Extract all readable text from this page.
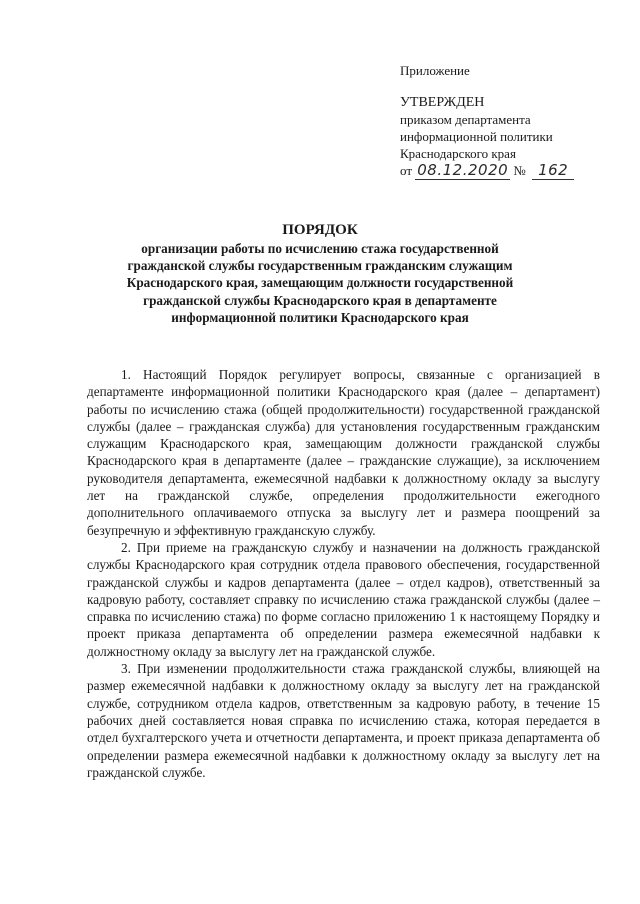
Приложение
УТВЕРЖДЕН
приказом департамента
информационной политики
Краснодарского края
от 08.12.2020 № 162
ПОРЯДОК
организации работы по исчислению стажа государственной
гражданской службы государственным гражданским служащим
Краснодарского края, замещающим должности государственной
гражданской службы Краснодарского края в департаменте
информационной политики Краснодарского края

1. Настоящий Порядок регулирует вопросы, связанные с организацией в департаменте информационной политики Краснодарского края (далее – департамент) работы по исчислению стажа (общей продолжительности) государственной гражданской службы (далее – гражданская служба) для установления государственным гражданским служащим Краснодарского края, замещающим должности гражданской службы Краснодарского края в департаменте (далее – гражданские служащие), за исключением руководителя департамента, ежемесячной надбавки к должностному окладу за выслугу лет на гражданской службе, определения продолжительности ежегодного дополнительного оплачиваемого отпуска за выслугу лет и размера поощрений за безупречную и эффективную гражданскую службу.

2. При приеме на гражданскую службу и назначении на должность гражданской службы Краснодарского края сотрудник отдела правового обеспечения, государственной гражданской службы и кадров департамента (далее – отдел кадров), ответственный за кадровую работу, составляет справку по исчислению стажа гражданской службы (далее – справка по исчислению стажа) по форме согласно приложению 1 к настоящему Порядку и проект приказа департамента об определении размера ежемесячной надбавки к должностному окладу за выслугу лет на гражданской службе.

3. При изменении продолжительности стажа гражданской службы, влияющей на размер ежемесячной надбавки к должностному окладу за выслугу лет на гражданской службе, сотрудником отдела кадров, ответственным за кадровую работу, в течение 15 рабочих дней составляется новая справка по исчислению стажа, которая передается в отдел бухгалтерского учета и отчетности департамента, и проект приказа департамента об определении размера ежемесячной надбавки к должностному окладу за выслугу лет на гражданской службе.
